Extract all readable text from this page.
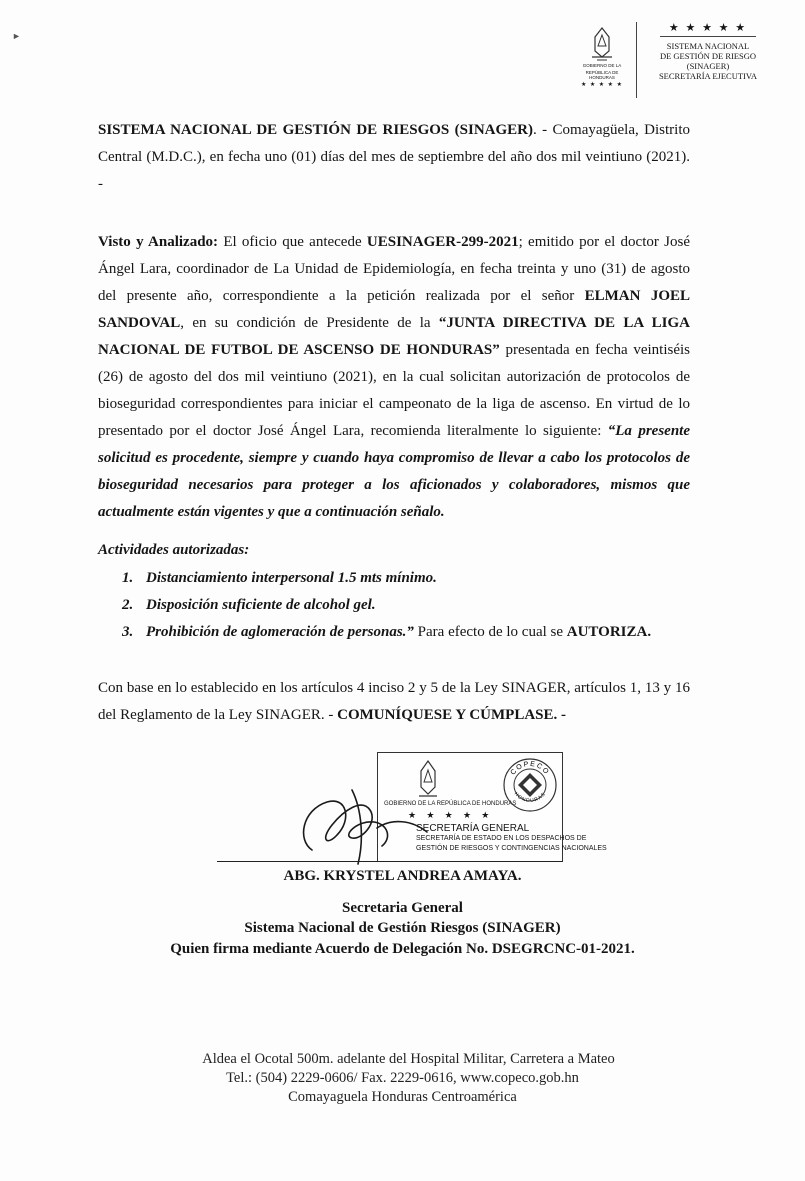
►
GOBIERNO DE LA
REPÚBLICA DE HONDURAS
★ ★ ★ ★ ★
★ ★ ★ ★ ★
SISTEMA NACIONAL
DE GESTIÓN DE RIESGO
(SINAGER)
SECRETARÍA EJECUTIVA
SISTEMA NACIONAL DE GESTIÓN DE RIESGOS (SINAGER). - Comayagüela, Distrito Central (M.D.C.), en fecha uno (01) días del mes de septiembre del año dos mil veintiuno (2021). -
Visto y Analizado: El oficio que antecede UESINAGER-299-2021; emitido por el doctor José Ángel Lara, coordinador de La Unidad de Epidemiología, en fecha treinta y uno (31) de agosto del presente año, correspondiente a la petición realizada por el señor ELMAN JOEL SANDOVAL, en su condición de Presidente de la “JUNTA DIRECTIVA DE LA LIGA NACIONAL DE FUTBOL DE ASCENSO DE HONDURAS” presentada en fecha veintiséis (26) de agosto del dos mil veintiuno (2021), en la cual solicitan autorización de protocolos de bioseguridad correspondientes para iniciar el campeonato de la liga de ascenso. En virtud de lo presentado por el doctor José Ángel Lara, recomienda literalmente lo siguiente: “La presente solicitud es procedente, siempre y cuando haya compromiso de llevar a cabo los protocolos de bioseguridad necesarios para proteger a los aficionados y colaboradores, mismos que actualmente están vigentes y que a continuación señalo.
Actividades autorizadas:
1. Distanciamiento interpersonal 1.5 mts mínimo.
2. Disposición suficiente de alcohol gel.
3. Prohibición de aglomeración de personas.” Para efecto de lo cual se AUTORIZA.
Con base en lo establecido en los artículos 4 inciso 2 y 5 de la Ley SINAGER, artículos 1, 13 y 16 del Reglamento de la Ley SINAGER. - COMUNÍQUESE Y CÚMPLASE. -
GOBIERNO DE LA REPÚBLICA DE HONDURAS
★ ★ ★ ★ ★
SECRETARÍA GENERAL
SECRETARÍA DE ESTADO EN LOS DESPACHOS DE
GESTIÓN DE RIESGOS Y CONTINGENCIAS NACIONALES
COPECO
HONDURAS
ABG. KRYSTEL ANDREA AMAYA.
Secretaria General
Sistema Nacional de Gestión Riesgos (SINAGER)
Quien firma mediante Acuerdo de Delegación No. DSEGRCNC-01-2021.
Aldea el Ocotal 500m. adelante del Hospital Militar, Carretera a Mateo
Tel.: (504) 2229-0606/ Fax. 2229-0616, www.copeco.gob.hn
Comayaguela Honduras Centroamérica
